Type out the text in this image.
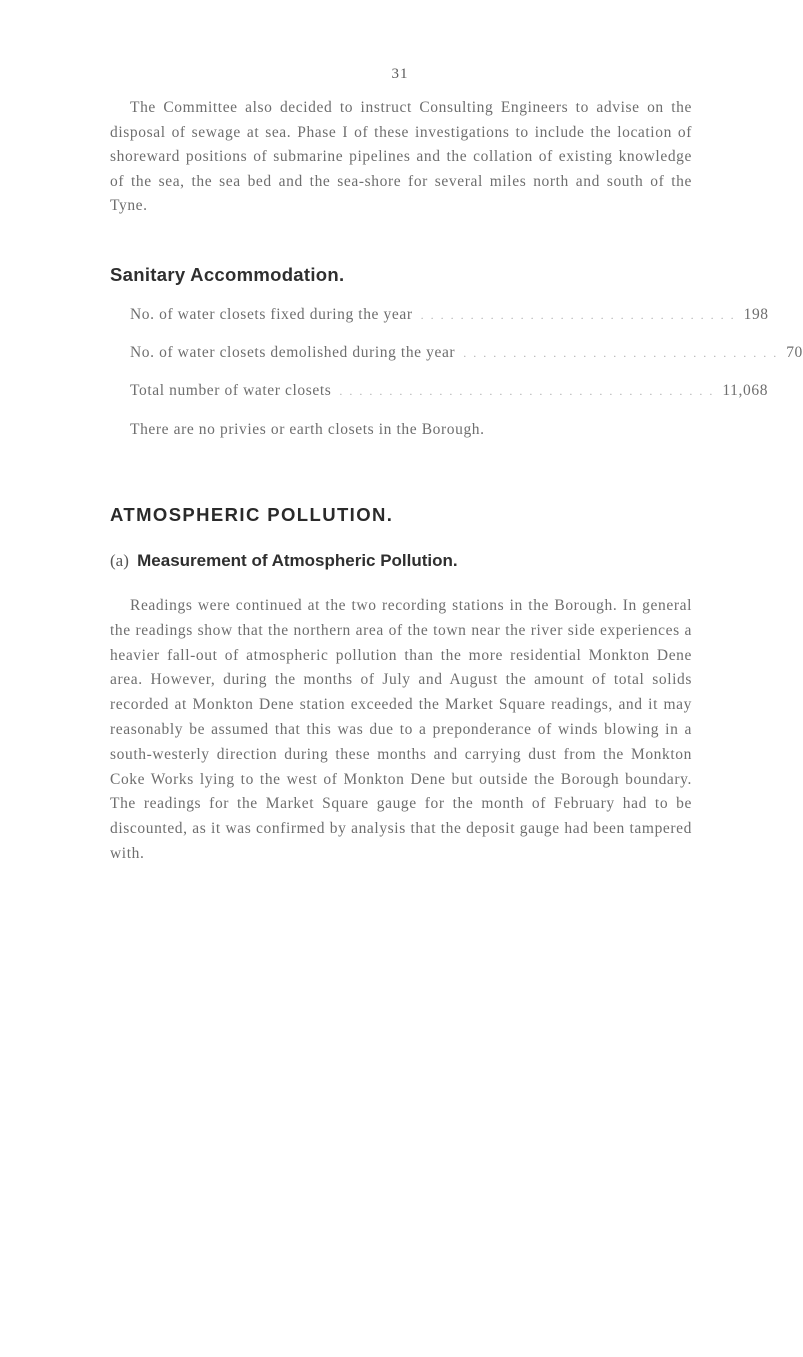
31

The Committee also decided to instruct Consulting Engineers to advise on the disposal of sewage at sea. Phase I of these investigations to include the location of shoreward positions of submarine pipelines and the collation of existing knowledge of the sea, the sea bed and the sea-shore for several miles north and south of the Tyne.

Sanitary Accommodation.
No. of water closets fixed during the year . . . . . . . . . . . . . . . . . . . . . . . . . . . . . . . . 198
No. of water closets demolished during the year . . . . . . . . . . . . . . . . . . . . . . . . . . . . . . . . 70
Total number of water closets . . . . . . . . . . . . . . . . . . . . . . . . . . . . . . . . . . . . . . 11,068
There are no privies or earth closets in the Borough.
ATMOSPHERIC POLLUTION.
(a) Measurement of Atmospheric Pollution.

Readings were continued at the two recording stations in the Borough. In general the readings show that the northern area of the town near the river side experiences a heavier fall-out of atmospheric pollution than the more residential Monkton Dene area. However, during the months of July and August the amount of total solids recorded at Monkton Dene station exceeded the Market Square readings, and it may reasonably be assumed that this was due to a preponderance of winds blowing in a south-westerly direction during these months and carrying dust from the Monkton Coke Works lying to the west of Monkton Dene but outside the Borough boundary. The readings for the Market Square gauge for the month of February had to be discounted, as it was confirmed by analysis that the deposit gauge had been tampered with.
